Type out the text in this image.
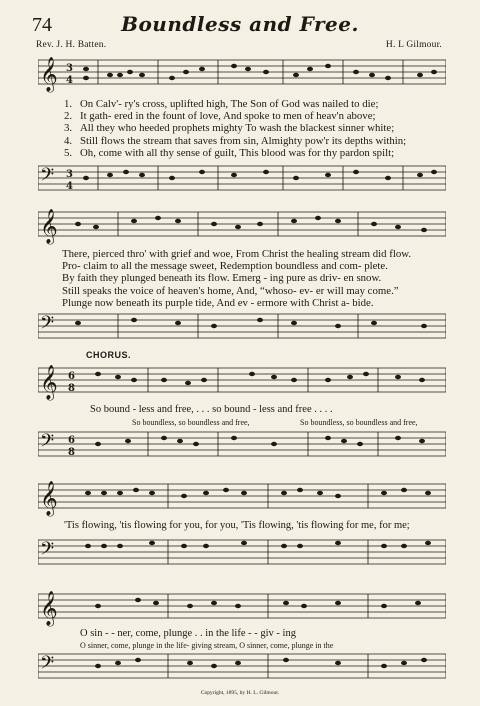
74	Boundless and Free.
Rev. J. H. Batten.	H. L Gilmour.
𝄞 3
4
1. On Calv'- ry's cross, uplifted high, The Son of God was nailed to die;
2. It gath- ered in the fount of love, And spoke to men of heav'n above;
3. All they who heeded prophets mighty To wash the blackest sinner white;
4. Still flows the stream that saves from sin, Almighty pow'r its depths within;
5. Oh, come with all thy sense of guilt, This blood was for thy pardon spilt;
𝄢 3
4
𝄞
There, pierced thro' with grief and woe, From Christ the healing stream did flow.
Pro- claim to all the message sweet, Redemption boundless and com- plete.
By faith they plunged beneath its flow. Emerg - ing pure as driv- en snow.
Still speaks the voice of heaven's home, And, “whoso- ev- er will may come.”
Plunge now beneath its purple tide, And ev - ermore with Christ a- bide.
𝄢
CHORUS.
𝄞 6
8
So bound - less and free, . . . so bound - less and free . . . .
So boundless, so boundless and free,	So boundless, so boundless and free,
𝄢 6
8
𝄞
'Tis flowing, 'tis flowing for you, for you, 'Tis flowing, 'tis flowing for me, for me;
𝄢
𝄞
O sin - - ner, come, plunge . . in the life - - giv - ing
O sinner, come, plunge in the life- giving stream, O sinner, come, plunge in the
𝄢
Copyright, 1895, by H. L. Gilmour.
